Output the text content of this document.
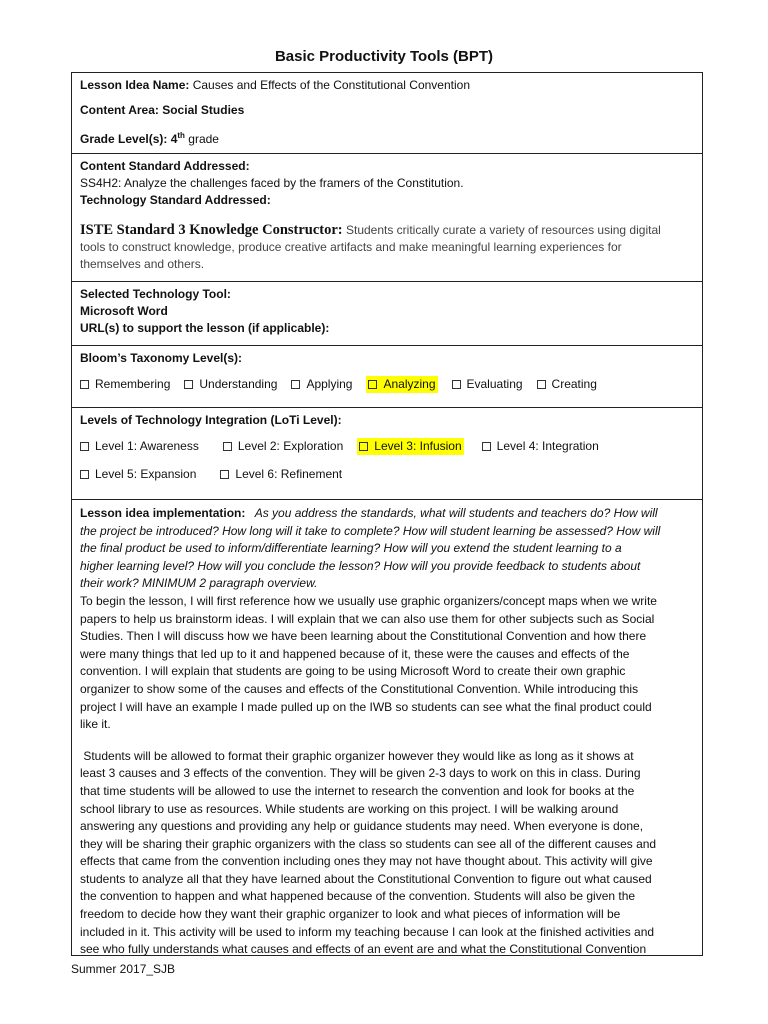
Basic Productivity Tools (BPT)

Lesson Idea Name: Causes and Effects of the Constitutional Convention

Content Area: Social Studies

Grade Level(s): 4th grade

Content Standard Addressed:

SS4H2: Analyze the challenges faced by the framers of the Constitution.

Technology Standard Addressed:

ISTE Standard 3 Knowledge Constructor: Students critically curate a variety of resources using digital

tools to construct knowledge, produce creative artifacts and make meaningful learning experiences for

themselves and others.

Selected Technology Tool:

Microsoft Word

URL(s) to support the lesson (if applicable):

Bloom’s Taxonomy Level(s):

Remembering Understanding Applying	Analyzing	Evaluating Creating

Levels of Technology Integration (LoTi Level):

Level 1: Awareness	Level 2: Exploration	Level 3: Infusion	Level 4: Integration
Level 5: Expansion	Level 6: Refinement

Lesson idea implementation: As you address the standards, what will students and teachers do? How will

the project be introduced? How long will it take to complete? How will student learning be assessed? How will

the final product be used to inform/differentiate learning? How will you extend the student learning to a

higher learning level? How will you conclude the lesson? How will you provide feedback to students about

their work? MINIMUM 2 paragraph overview.

To begin the lesson, I will first reference how we usually use graphic organizers/concept maps when we write

papers to help us brainstorm ideas. I will explain that we can also use them for other subjects such as Social

Studies. Then I will discuss how we have been learning about the Constitutional Convention and how there

were many things that led up to it and happened because of it, these were the causes and effects of the

convention. I will explain that students are going to be using Microsoft Word to create their own graphic

organizer to show some of the causes and effects of the Constitutional Convention. While introducing this

project I will have an example I made pulled up on the IWB so students can see what the final product could

like it.

Students will be allowed to format their graphic organizer however they would like as long as it shows at

least 3 causes and 3 effects of the convention. They will be given 2-3 days to work on this in class. During

that time students will be allowed to use the internet to research the convention and look for books at the

school library to use as resources. While students are working on this project. I will be walking around

answering any questions and providing any help or guidance students may need. When everyone is done,

they will be sharing their graphic organizers with the class so students can see all of the different causes and

effects that came from the convention including ones they may not have thought about. This activity will give

students to analyze all that they have learned about the Constitutional Convention to figure out what caused

the convention to happen and what happened because of the convention. Students will also be given the

freedom to decide how they want their graphic organizer to look and what pieces of information will be

included in it. This activity will be used to inform my teaching because I can look at the finished activities and

see who fully understands what causes and effects of an event are and what the Constitutional Convention

Summer 2017_SJB
